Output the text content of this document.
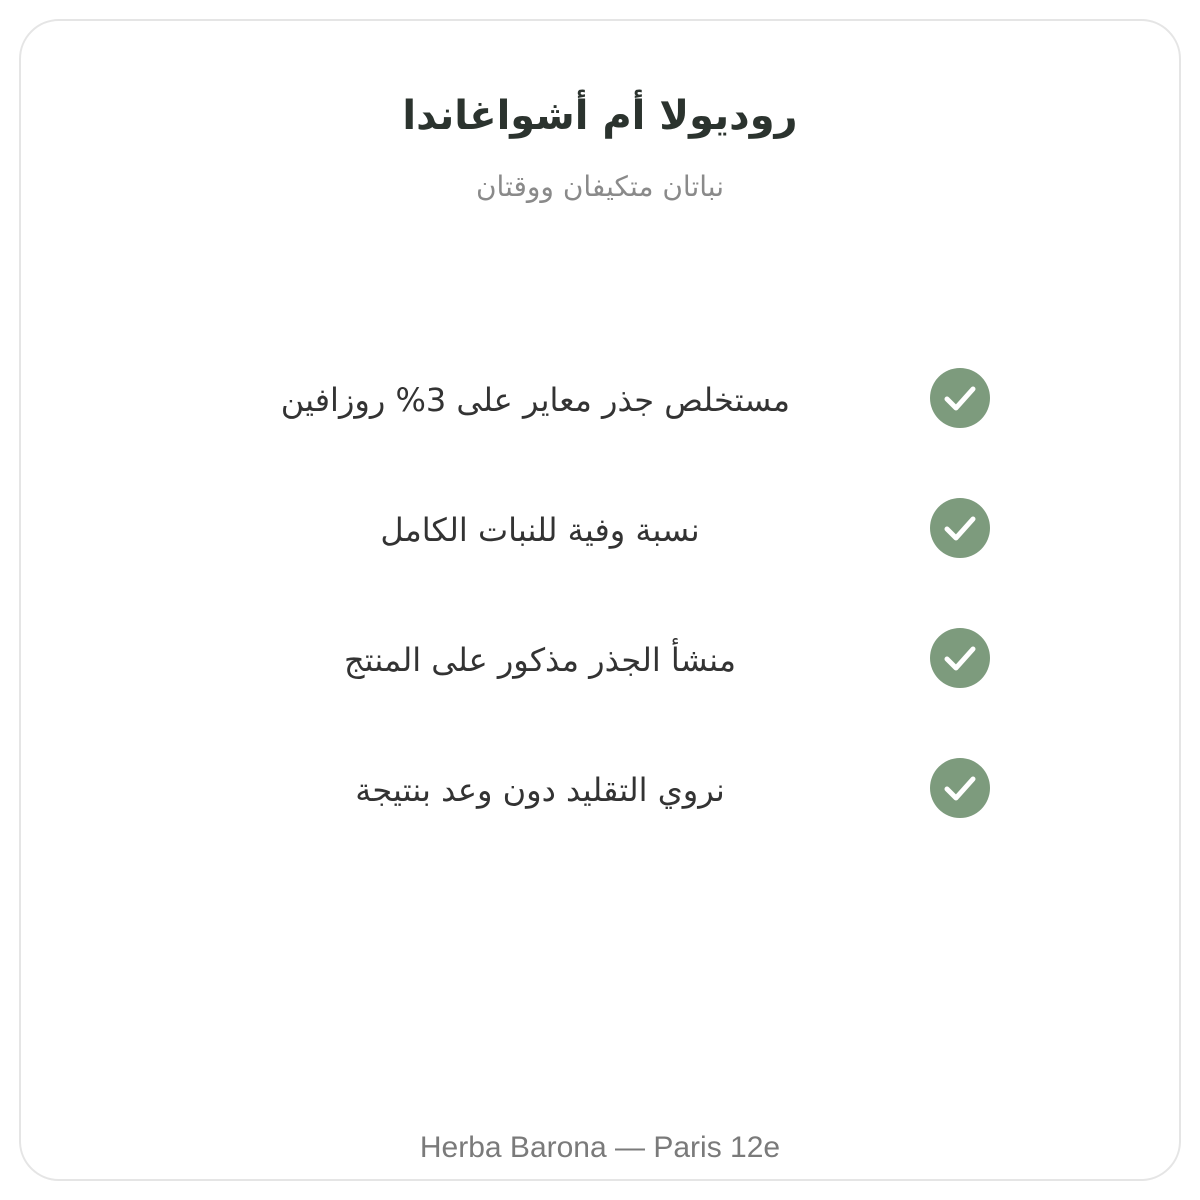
روديولا أم أشواغاندا
نباتان متكيفان ووقتان
مستخلص جذر معاير على 3% روزافين
نسبة وفية للنبات الكامل
منشأ الجذر مذكور على المنتج
نروي التقليد دون وعد بنتيجة
Herba Barona — Paris 12e
